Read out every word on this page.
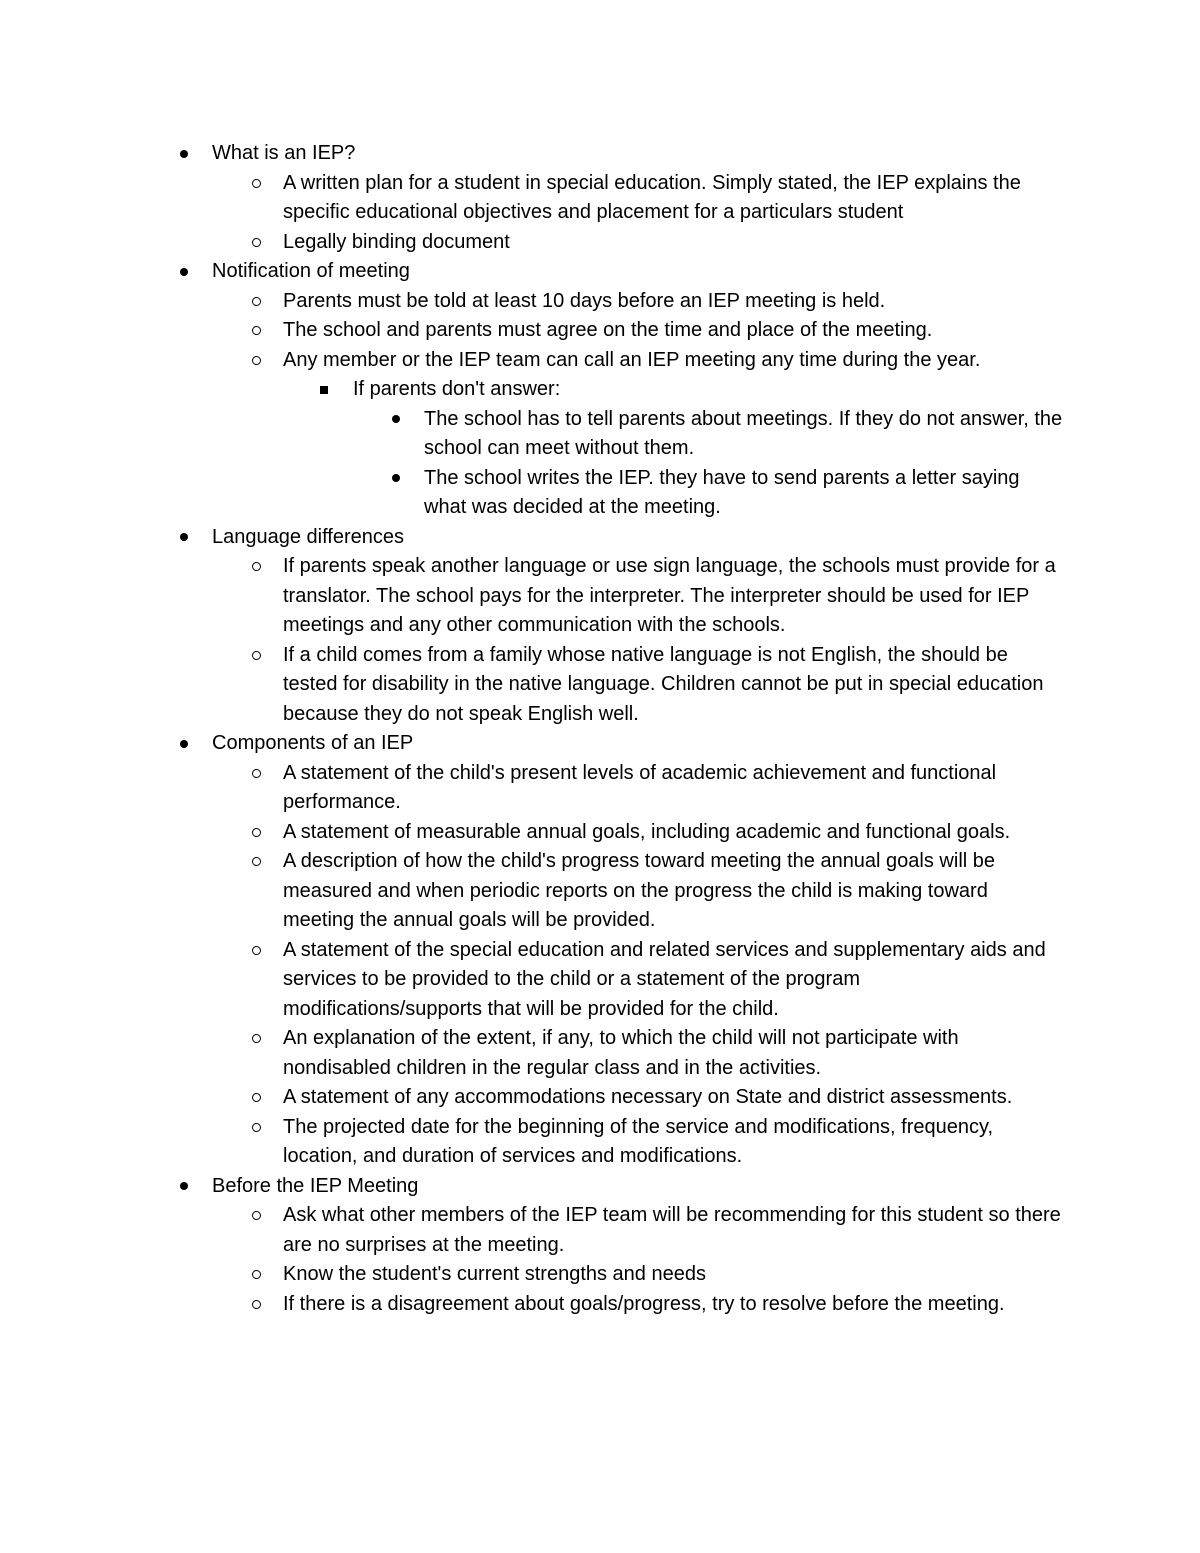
What is an IEP?
A written plan for a student in special education. Simply stated, the IEP explains the specific educational objectives and placement for a particulars student
Legally binding document
Notification of meeting
Parents must be told at least 10 days before an IEP meeting is held.
The school and parents must agree on the time and place of the meeting.
Any member or the IEP team can call an IEP meeting any time during the year.
If parents don't answer:
The school has to tell parents about meetings. If they do not answer, the school can meet without them.
The school writes the IEP. they have to send parents a letter saying what was decided at the meeting.
Language differences
If parents speak another language or use sign language, the schools must provide for a translator. The school pays for the interpreter. The interpreter should be used for IEP meetings and any other communication with the schools.
If a child comes from a family whose native language is not English, the should be tested for disability in the native language. Children cannot be put in special education because they do not speak English well.
Components of an IEP
A statement of the child's present levels of academic achievement and functional performance.
A statement of measurable annual goals, including academic and functional goals.
A description of how the child's progress toward meeting the annual goals will be measured and when periodic reports on the progress the child is making toward meeting the annual goals will be provided.
A statement of the special education and related services and supplementary aids and services to be provided to the child or a statement of the program modifications/supports that will be provided for the child.
An explanation of the extent, if any, to which the child will not participate with nondisabled children in the regular class and in the activities.
A statement of any accommodations necessary on State and district assessments.
The projected date for the beginning of the service and modifications, frequency, location, and duration of services and modifications.
Before the IEP Meeting
Ask what other members of the IEP team will be recommending for this student so there are no surprises at the meeting.
Know the student's current strengths and needs
If there is a disagreement about goals/progress, try to resolve before the meeting.
